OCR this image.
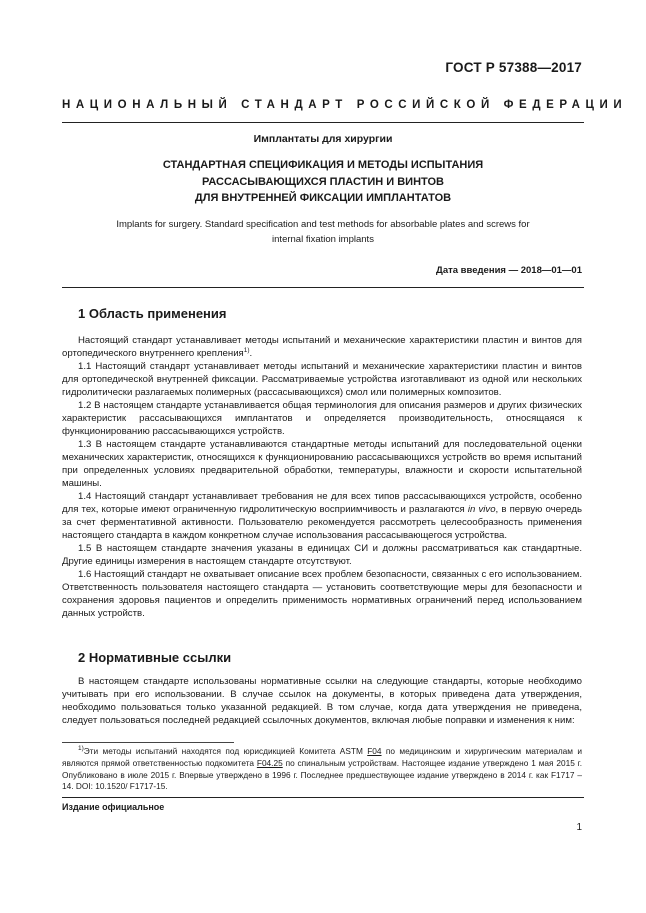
ГОСТ Р 57388—2017
НАЦИОНАЛЬНЫЙ СТАНДАРТ РОССИЙСКОЙ ФЕДЕРАЦИИ
Имплантаты для хирургии
СТАНДАРТНАЯ СПЕЦИФИКАЦИЯ И МЕТОДЫ ИСПЫТАНИЯ
РАССАСЫВАЮЩИХСЯ ПЛАСТИН И ВИНТОВ
ДЛЯ ВНУТРЕННЕЙ ФИКСАЦИИ ИМПЛАНТАТОВ
Implants for surgery. Standard specification and test methods for absorbable plates and screws for
internal fixation implants
Дата введения — 2018—01—01
1 Область применения

Настоящий стандарт устанавливает методы испытаний и механические характеристики пластин и винтов для ортопедического внутреннего крепления$^{1)}$.

1.1 Настоящий стандарт устанавливает методы испытаний и механические характеристики пластин и винтов для ортопедической внутренней фиксации. Рассматриваемые устройства изготавливают из одной или нескольких гидролитически разлагаемых полимерных (рассасывающихся) смол или полимерных композитов.

1.2 В настоящем стандарте устанавливается общая терминология для описания размеров и других физических характеристик рассасывающихся имплантатов и определяется производительность, относящаяся к функционированию рассасывающихся устройств.

1.3 В настоящем стандарте устанавливаются стандартные методы испытаний для последовательной оценки механических характеристик, относящихся к функционированию рассасывающихся устройств во время испытаний при определенных условиях предварительной обработки, температуры, влажности и скорости испытательной машины.

1.4 Настоящий стандарт устанавливает требования не для всех типов рассасывающихся устройств, особенно для тех, которые имеют ограниченную гидролитическую восприимчивость и разлагаются in vivo, в первую очередь за счет ферментативной активности. Пользователю рекомендуется рассмотреть целесообразность применения настоящего стандарта в каждом конкретном случае использования рассасывающегося устройства.

1.5 В настоящем стандарте значения указаны в единицах СИ и должны рассматриваться как стандартные. Другие единицы измерения в настоящем стандарте отсутствуют.

1.6 Настоящий стандарт не охватывает описание всех проблем безопасности, связанных с его использованием. Ответственность пользователя настоящего стандарта — установить соответствующие меры для безопасности и сохранения здоровья пациентов и определить применимость нормативных ограничений перед использованием данных устройств.

2 Нормативные ссылки

В настоящем стандарте использованы нормативные ссылки на следующие стандарты, которые необходимо учитывать при его использовании. В случае ссылок на документы, в которых приведена дата утверждения, необходимо пользоваться только указанной редакцией. В том случае, когда дата утверждения не приведена, следует пользоваться последней редакцией ссылочных документов, включая любые поправки и изменения к ним:

$^{1)}$Эти методы испытаний находятся под юрисдикцией Комитета ASTM F04 по медицинским и хирургическим материалам и являются прямой ответственностью подкомитета F04.25 по спинальным устройствам. Настоящее издание утверждено 1 мая 2015 г. Опубликовано в июле 2015 г. Впервые утверждено в 1996 г. Последнее предшествующее издание утверждено в 2014 г. как F1717 – 14. DOI: 10.1520/ F1717-15.

Издание официальное
1
